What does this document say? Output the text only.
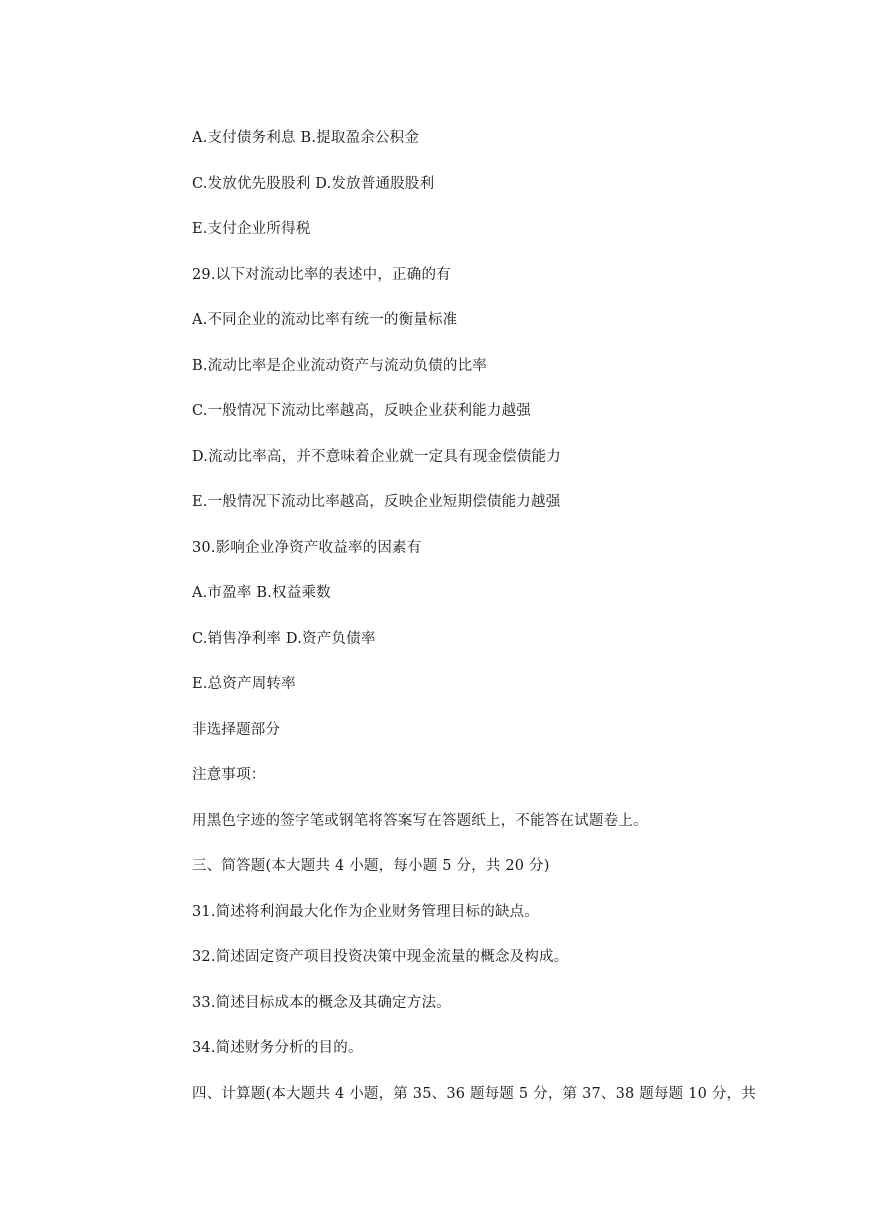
A.支付债务利息 B.提取盈余公积金
C.发放优先股股利 D.发放普通股股利
E.支付企业所得税
29.以下对流动比率的表述中，正确的有
A.不同企业的流动比率有统一的衡量标准
B.流动比率是企业流动资产与流动负债的比率
C.一般情况下流动比率越高，反映企业获利能力越强
D.流动比率高，并不意味着企业就一定具有现金偿债能力
E.一般情况下流动比率越高，反映企业短期偿债能力越强
30.影响企业净资产收益率的因素有
A.市盈率 B.权益乘数
C.销售净利率 D.资产负债率
E.总资产周转率
非选择题部分
注意事项：
用黑色字迹的签字笔或钢笔将答案写在答题纸上，不能答在试题卷上。
三、简答题(本大题共 4 小题，每小题 5 分，共 20 分)
31.简述将利润最大化作为企业财务管理目标的缺点。
32.简述固定资产项目投资决策中现金流量的概念及构成。
33.简述目标成本的概念及其确定方法。
34.简述财务分析的目的。
四、计算题(本大题共 4 小题，第 35、36 题每题 5 分，第 37、38 题每题 10 分，共
